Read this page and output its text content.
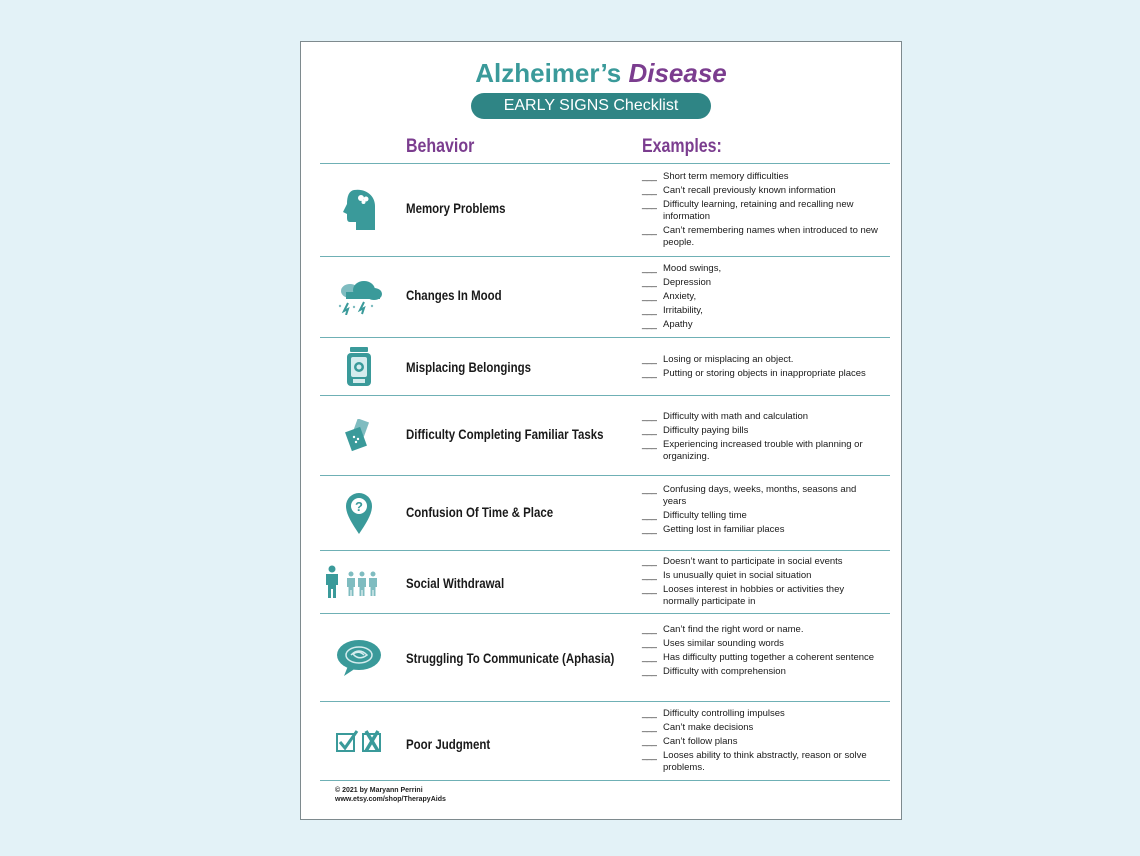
Alzheimer’s Disease
EARLY SIGNS Checklist
Behavior	Examples:
Memory Problems
___ Short term memory difficulties
___ Can’t recall previously known information
___ Difficulty learning, retaining and recalling new information
___ Can’t remembering names when introduced to new people.
Changes In Mood
___ Mood swings,
___ Depression
___ Anxiety,
___ Irritability,
___ Apathy
Misplacing Belongings
___	Losing or misplacing an object.
___ Putting or storing objects in inappropriate places
Difficulty Completing Familiar Tasks
___ Difficulty with math and calculation
___ Difficulty paying bills
___ Experiencing increased trouble with planning or organizing.
?	Confusion Of Time & Place
___ Confusing days, weeks, months, seasons and years
___ Difficulty telling time
___ Getting lost in familiar places
Social Withdrawal
___ Doesn’t want to participate in social events
___ Is unusually quiet in social situation
___ Looses interest in hobbies or activities they normally participate in
Struggling To Communicate (Aphasia)
___ Can’t find the right word or name.
___ Uses similar sounding words
___ Has difficulty putting together a coherent sentence
___ Difficulty with comprehension
Poor Judgment
___ Difficulty controlling impulses
___ Can’t make decisions
___ Can’t follow plans
___ Looses ability to think abstractly, reason or solve problems.
© 2021 by Maryann Perrini
www.etsy.com/shop/TherapyAids
